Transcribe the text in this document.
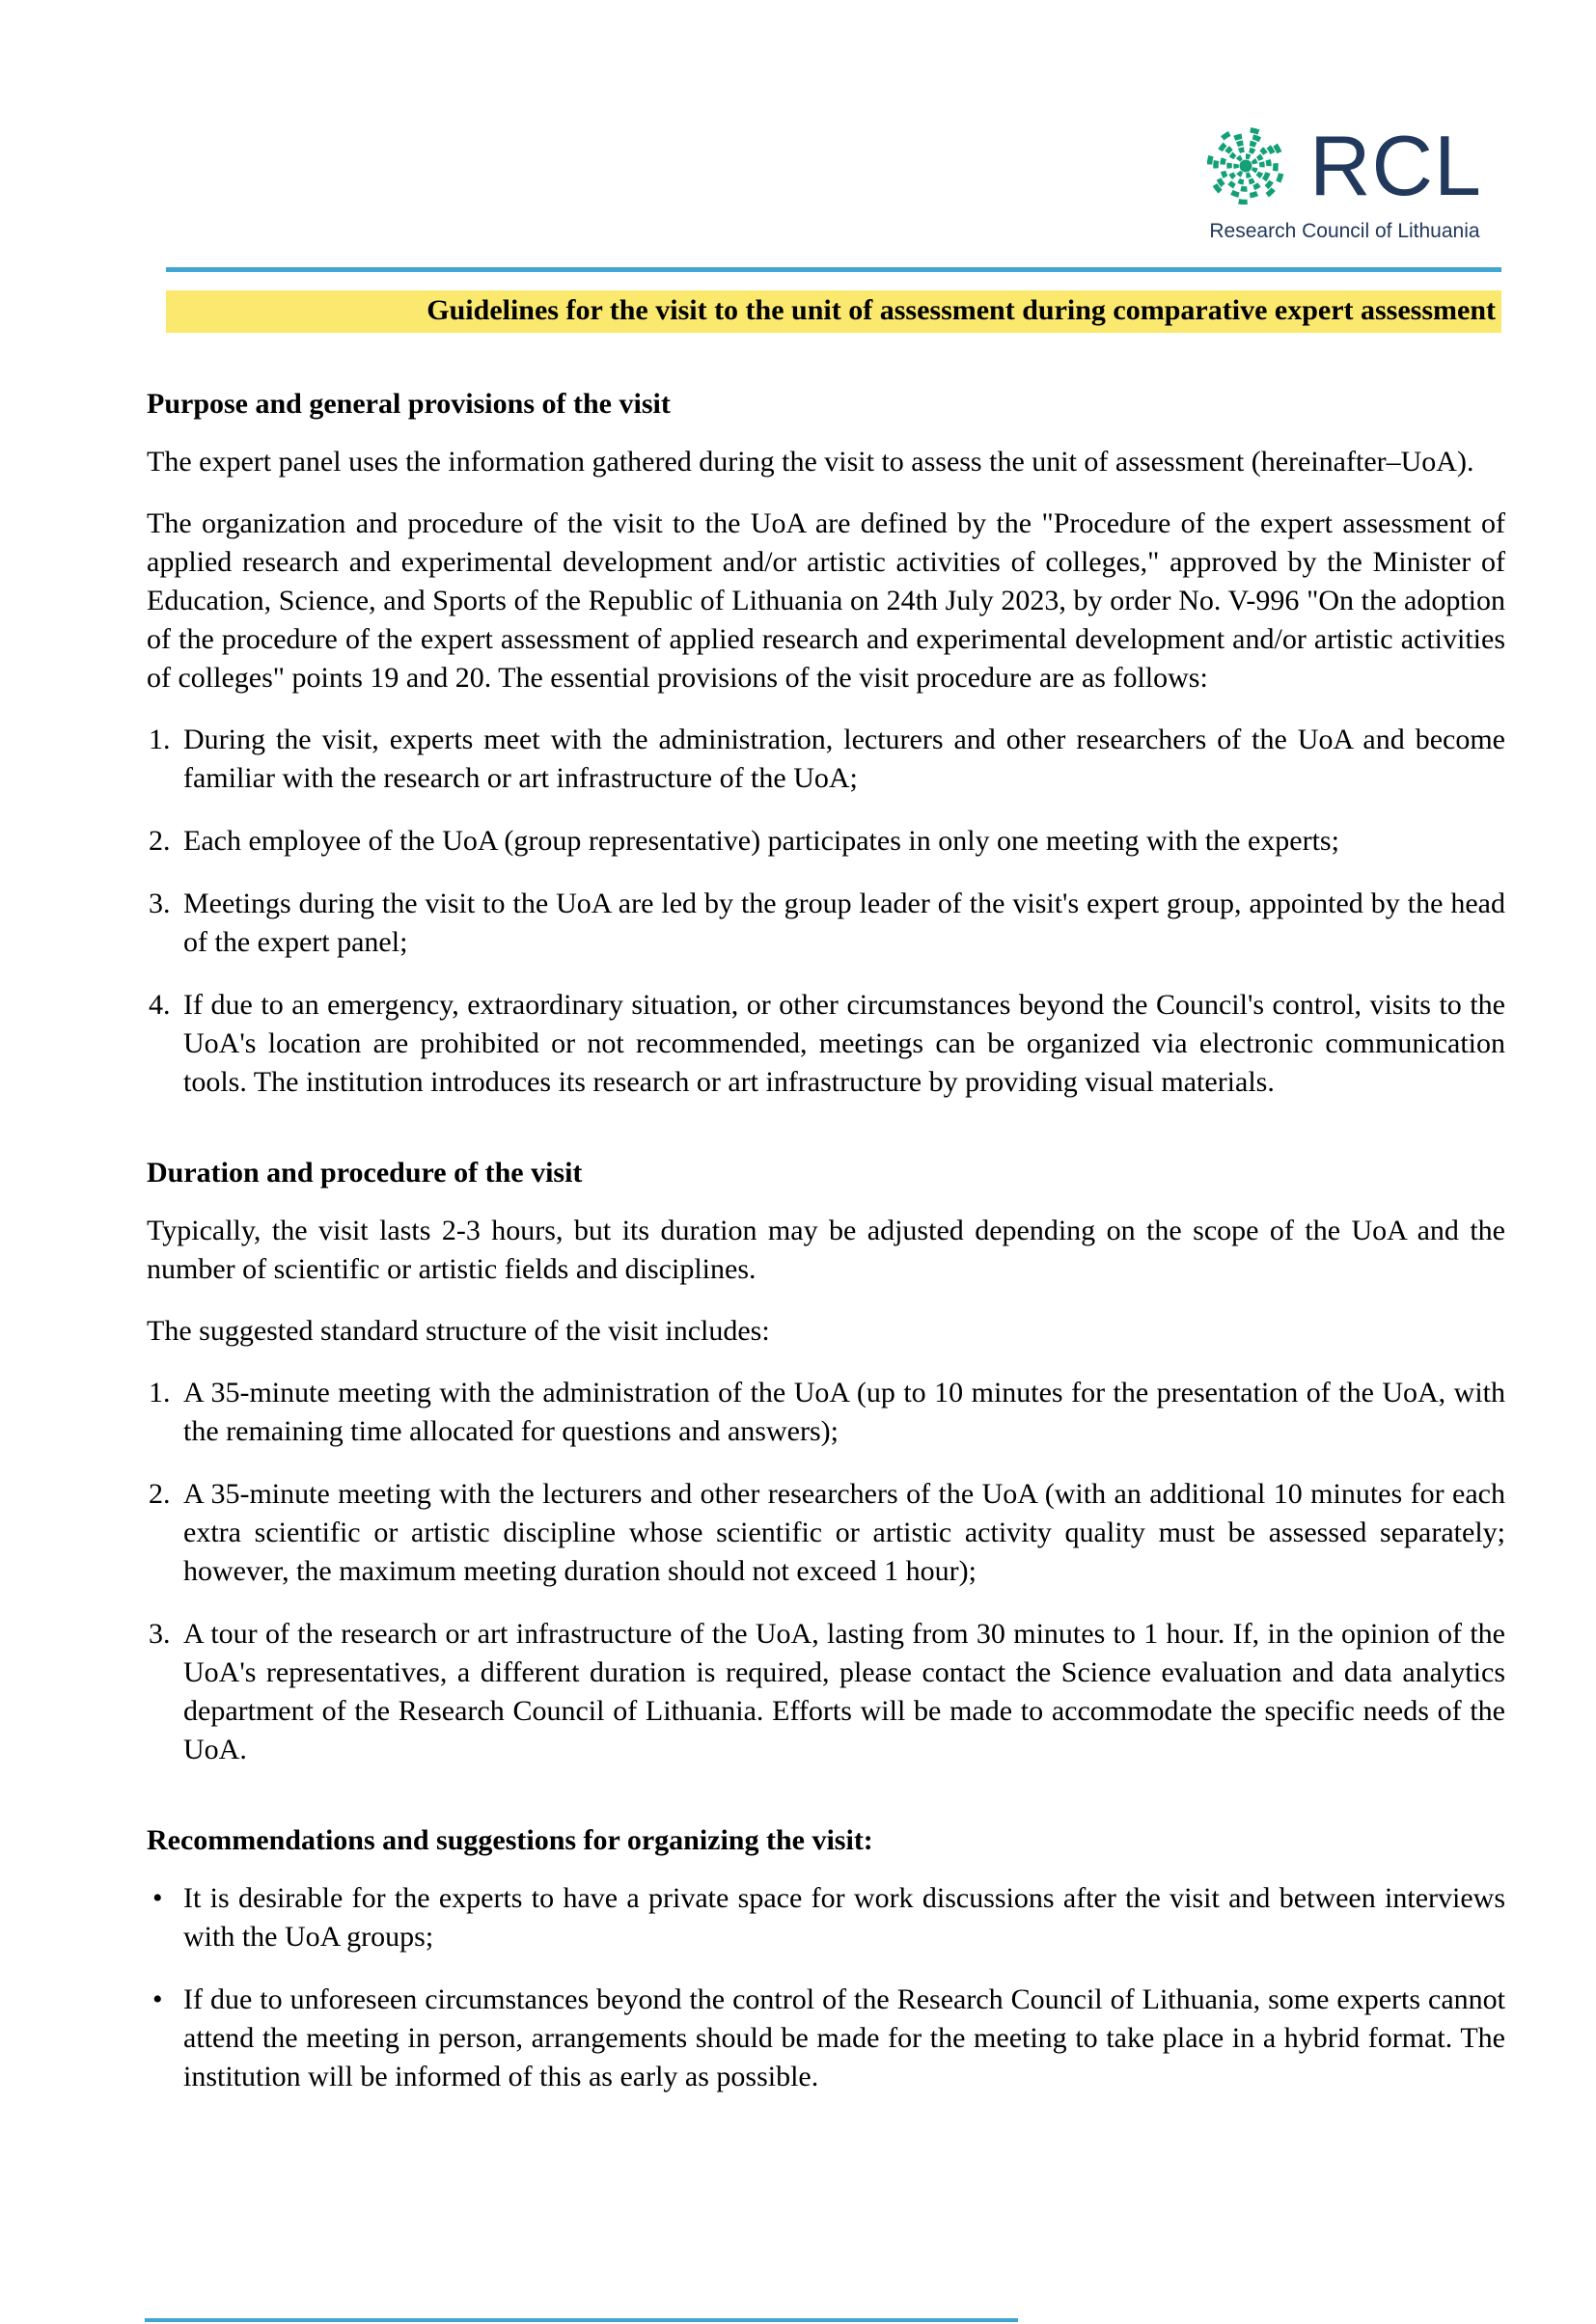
RCL
Research Council of Lithuania
Guidelines for the visit to the unit of assessment during comparative expert assessment
Purpose and general provisions of the visit

The expert panel uses the information gathered during the visit to assess the unit of assessment (hereinafter–UoA).

The organization and procedure of the visit to the UoA are defined by the "Procedure of the expert assessment of applied research and experimental development and/or artistic activities of colleges," approved by the Minister of Education, Science, and Sports of the Republic of Lithuania on 24th July 2023, by order No. V-996 "On the adoption of the procedure of the expert assessment of applied research and experimental development and/or artistic activities of colleges" points 19 and 20. The essential provisions of the visit procedure are as follows:

1. During the visit, experts meet with the administration, lecturers and other researchers of the UoA and become familiar with the research or art infrastructure of the UoA;
2. Each employee of the UoA (group representative) participates in only one meeting with the experts;
3. Meetings during the visit to the UoA are led by the group leader of the visit's expert group, appointed by the head of the expert panel;
4. If due to an emergency, extraordinary situation, or other circumstances beyond the Council's control, visits to the UoA's location are prohibited or not recommended, meetings can be organized via electronic communication tools. The institution introduces its research or art infrastructure by providing visual materials.
Duration and procedure of the visit

Typically, the visit lasts 2-3 hours, but its duration may be adjusted depending on the scope of the UoA and the number of scientific or artistic fields and disciplines.

The suggested standard structure of the visit includes:

1. A 35-minute meeting with the administration of the UoA (up to 10 minutes for the presentation of the UoA, with the remaining time allocated for questions and answers);
2. A 35-minute meeting with the lecturers and other researchers of the UoA (with an additional 10 minutes for each extra scientific or artistic discipline whose scientific or artistic activity quality must be assessed separately; however, the maximum meeting duration should not exceed 1 hour);
3. A tour of the research or art infrastructure of the UoA, lasting from 30 minutes to 1 hour. If, in the opinion of the UoA's representatives, a different duration is required, please contact the Science evaluation and data analytics department of the Research Council of Lithuania. Efforts will be made to accommodate the specific needs of the UoA.
Recommendations and suggestions for organizing the visit:
• It is desirable for the experts to have a private space for work discussions after the visit and between interviews with the UoA groups;
• If due to unforeseen circumstances beyond the control of the Research Council of Lithuania, some experts cannot attend the meeting in person, arrangements should be made for the meeting to take place in a hybrid format. The institution will be informed of this as early as possible.
